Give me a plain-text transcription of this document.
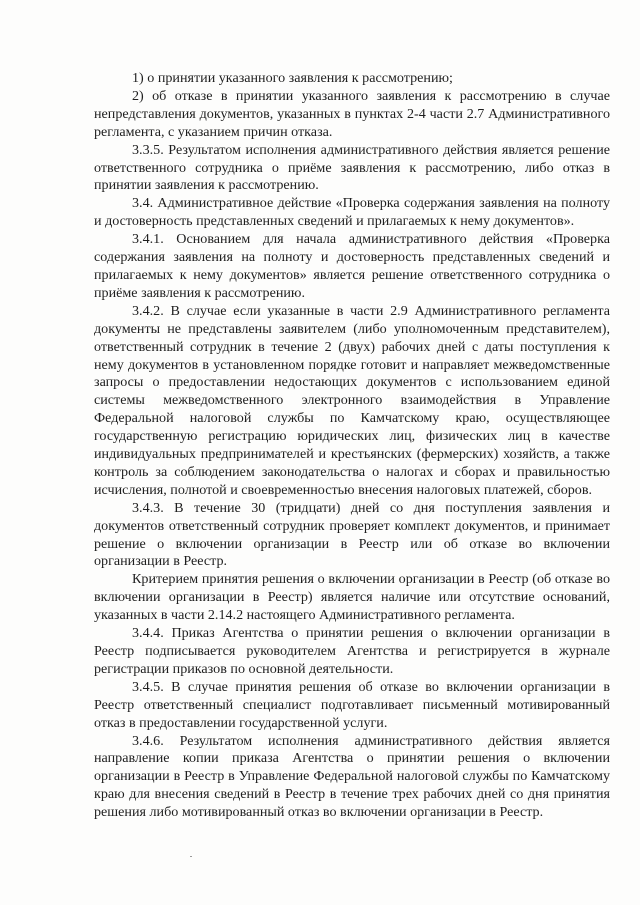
1) о принятии указанного заявления к рассмотрению;

2) об отказе в принятии указанного заявления к рассмотрению в случае непредставления документов, указанных в пунктах 2-4 части 2.7 Административного регламента, с указанием причин отказа.

3.3.5. Результатом исполнения административного действия является решение ответственного сотрудника о приёме заявления к рассмотрению, либо отказ в принятии заявления к рассмотрению.

3.4. Административное действие «Проверка содержания заявления на полноту и достоверность представленных сведений и прилагаемых к нему документов».

3.4.1. Основанием для начала административного действия «Проверка содержания заявления на полноту и достоверность представленных сведений и прилагаемых к нему документов» является решение ответственного сотрудника о приёме заявления к рассмотрению.

3.4.2. В случае если указанные в части 2.9 Административного регламента документы не представлены заявителем (либо уполномоченным представителем), ответственный сотрудник в течение 2 (двух) рабочих дней с даты поступления к нему документов в установленном порядке готовит и направляет межведомственные запросы о предоставлении недостающих документов с использованием единой системы межведомственного электронного взаимодействия в Управление Федеральной налоговой службы по Камчатскому краю, осуществляющее государственную регистрацию юридических лиц, физических лиц в качестве индивидуальных предпринимателей и крестьянских (фермерских) хозяйств, а также контроль за соблюдением законодательства о налогах и сборах и правильностью исчисления, полнотой и своевременностью внесения налоговых платежей, сборов.

3.4.3. В течение 30 (тридцати) дней со дня поступления заявления и документов ответственный сотрудник проверяет комплект документов, и принимает решение о включении организации в Реестр или об отказе во включении организации в Реестр.

Критерием принятия решения о включении организации в Реестр (об отказе во включении организации в Реестр) является наличие или отсутствие оснований, указанных в части 2.14.2 настоящего Административного регламента.

3.4.4. Приказ Агентства о принятии решения о включении организации в Реестр подписывается руководителем Агентства и регистрируется в журнале регистрации приказов по основной деятельности.

3.4.5. В случае принятия решения об отказе во включении организации в Реестр ответственный специалист подготавливает письменный мотивированный отказ в предоставлении государственной услуги.

3.4.6. Результатом исполнения административного действия является направление копии приказа Агентства о принятии решения о включении организации в Реестр в Управление Федеральной налоговой службы по Камчатскому краю для внесения сведений в Реестр в течение трех рабочих дней со дня принятия решения либо мотивированный отказ во включении организации в Реестр.
